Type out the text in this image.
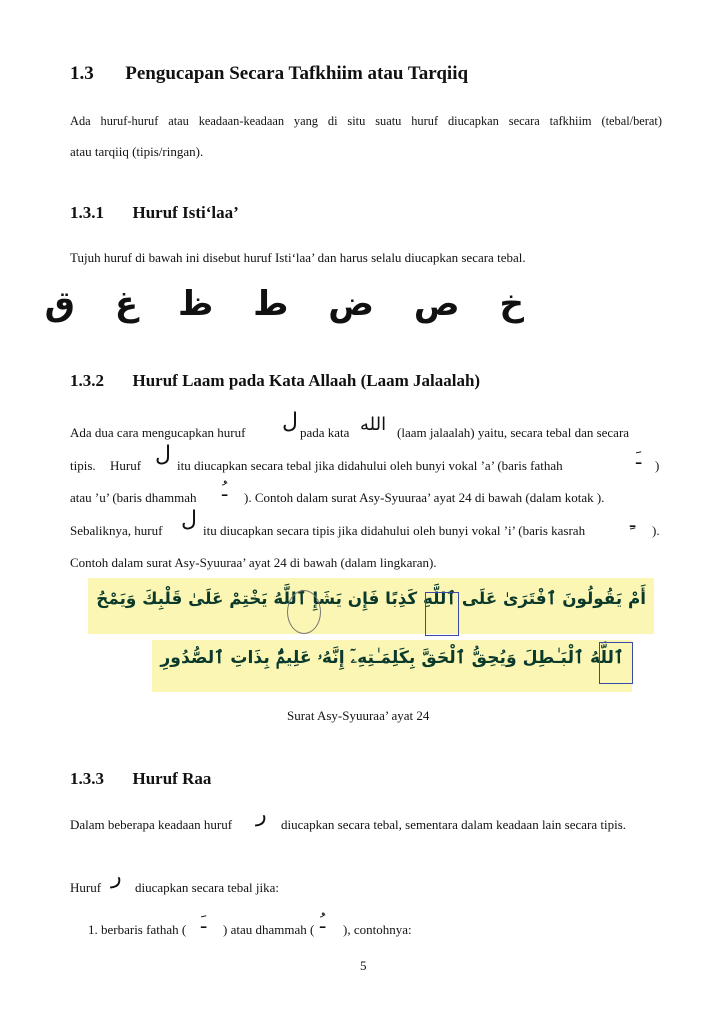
1.3 Pengucapan Secara Tafkhiim atau Tarqiiq
Ada huruf-huruf atau keadaan-keadaan yang di situ suatu huruf diucapkan secara tafkhiim (tebal/berat)
atau tarqiiq (tipis/ringan).
1.3.1 Huruf Isti‘laa’
Tujuh huruf di bawah ini disebut huruf Isti‘laa’ dan harus selalu diucapkan secara tebal.
خ ص ض ط ظ غ ق
1.3.2 Huruf Laam pada Kata Allaah (Laam Jalaalah)
Ada dua cara mengucapkan huruf ل pada kata الله (laam jalaalah) yaitu, secara tebal dan secara
tipis. Huruf ل itu diucapkan secara tebal jika didahului oleh bunyi vokal ’a’ (baris fathah	ـَ )
atau ’u’ (baris dhammah ـُ ). Contoh dalam surat Asy-Syuuraa’ ayat 24 di bawah (dalam kotak ).
Sebaliknya, huruf ل itu diucapkan secara tipis jika didahului oleh bunyi vokal ’i’ (baris kasrah ـِ ).
Contoh dalam surat Asy-Syuuraa’ ayat 24 di bawah (dalam lingkaran).
أَمْ يَقُولُونَ ٱفْتَرَىٰ عَلَى ٱللَّهِ كَذِبًا فَإِن يَشَإِ ٱللَّهُ يَخْتِمْ عَلَىٰ قَلْبِكَ وَيَمْحُ
ٱللَّهُ ٱلْبَـٰطِلَ وَيُحِقُّ ٱلْحَقَّ بِكَلِمَـٰتِهِۦٓ إِنَّهُۥ عَلِيمٌۢ بِذَاتِ ٱلصُّدُورِ
Surat Asy-Syuuraa’ ayat 24
1.3.3 Huruf Raa
Dalam beberapa keadaan huruf ر diucapkan secara tebal, sementara dalam keadaan lain secara tipis.
Huruf ر diucapkan secara tebal jika:
1. berbaris fathah ( ـَ ) atau dhammah ( ـُ ), contohnya:
5
